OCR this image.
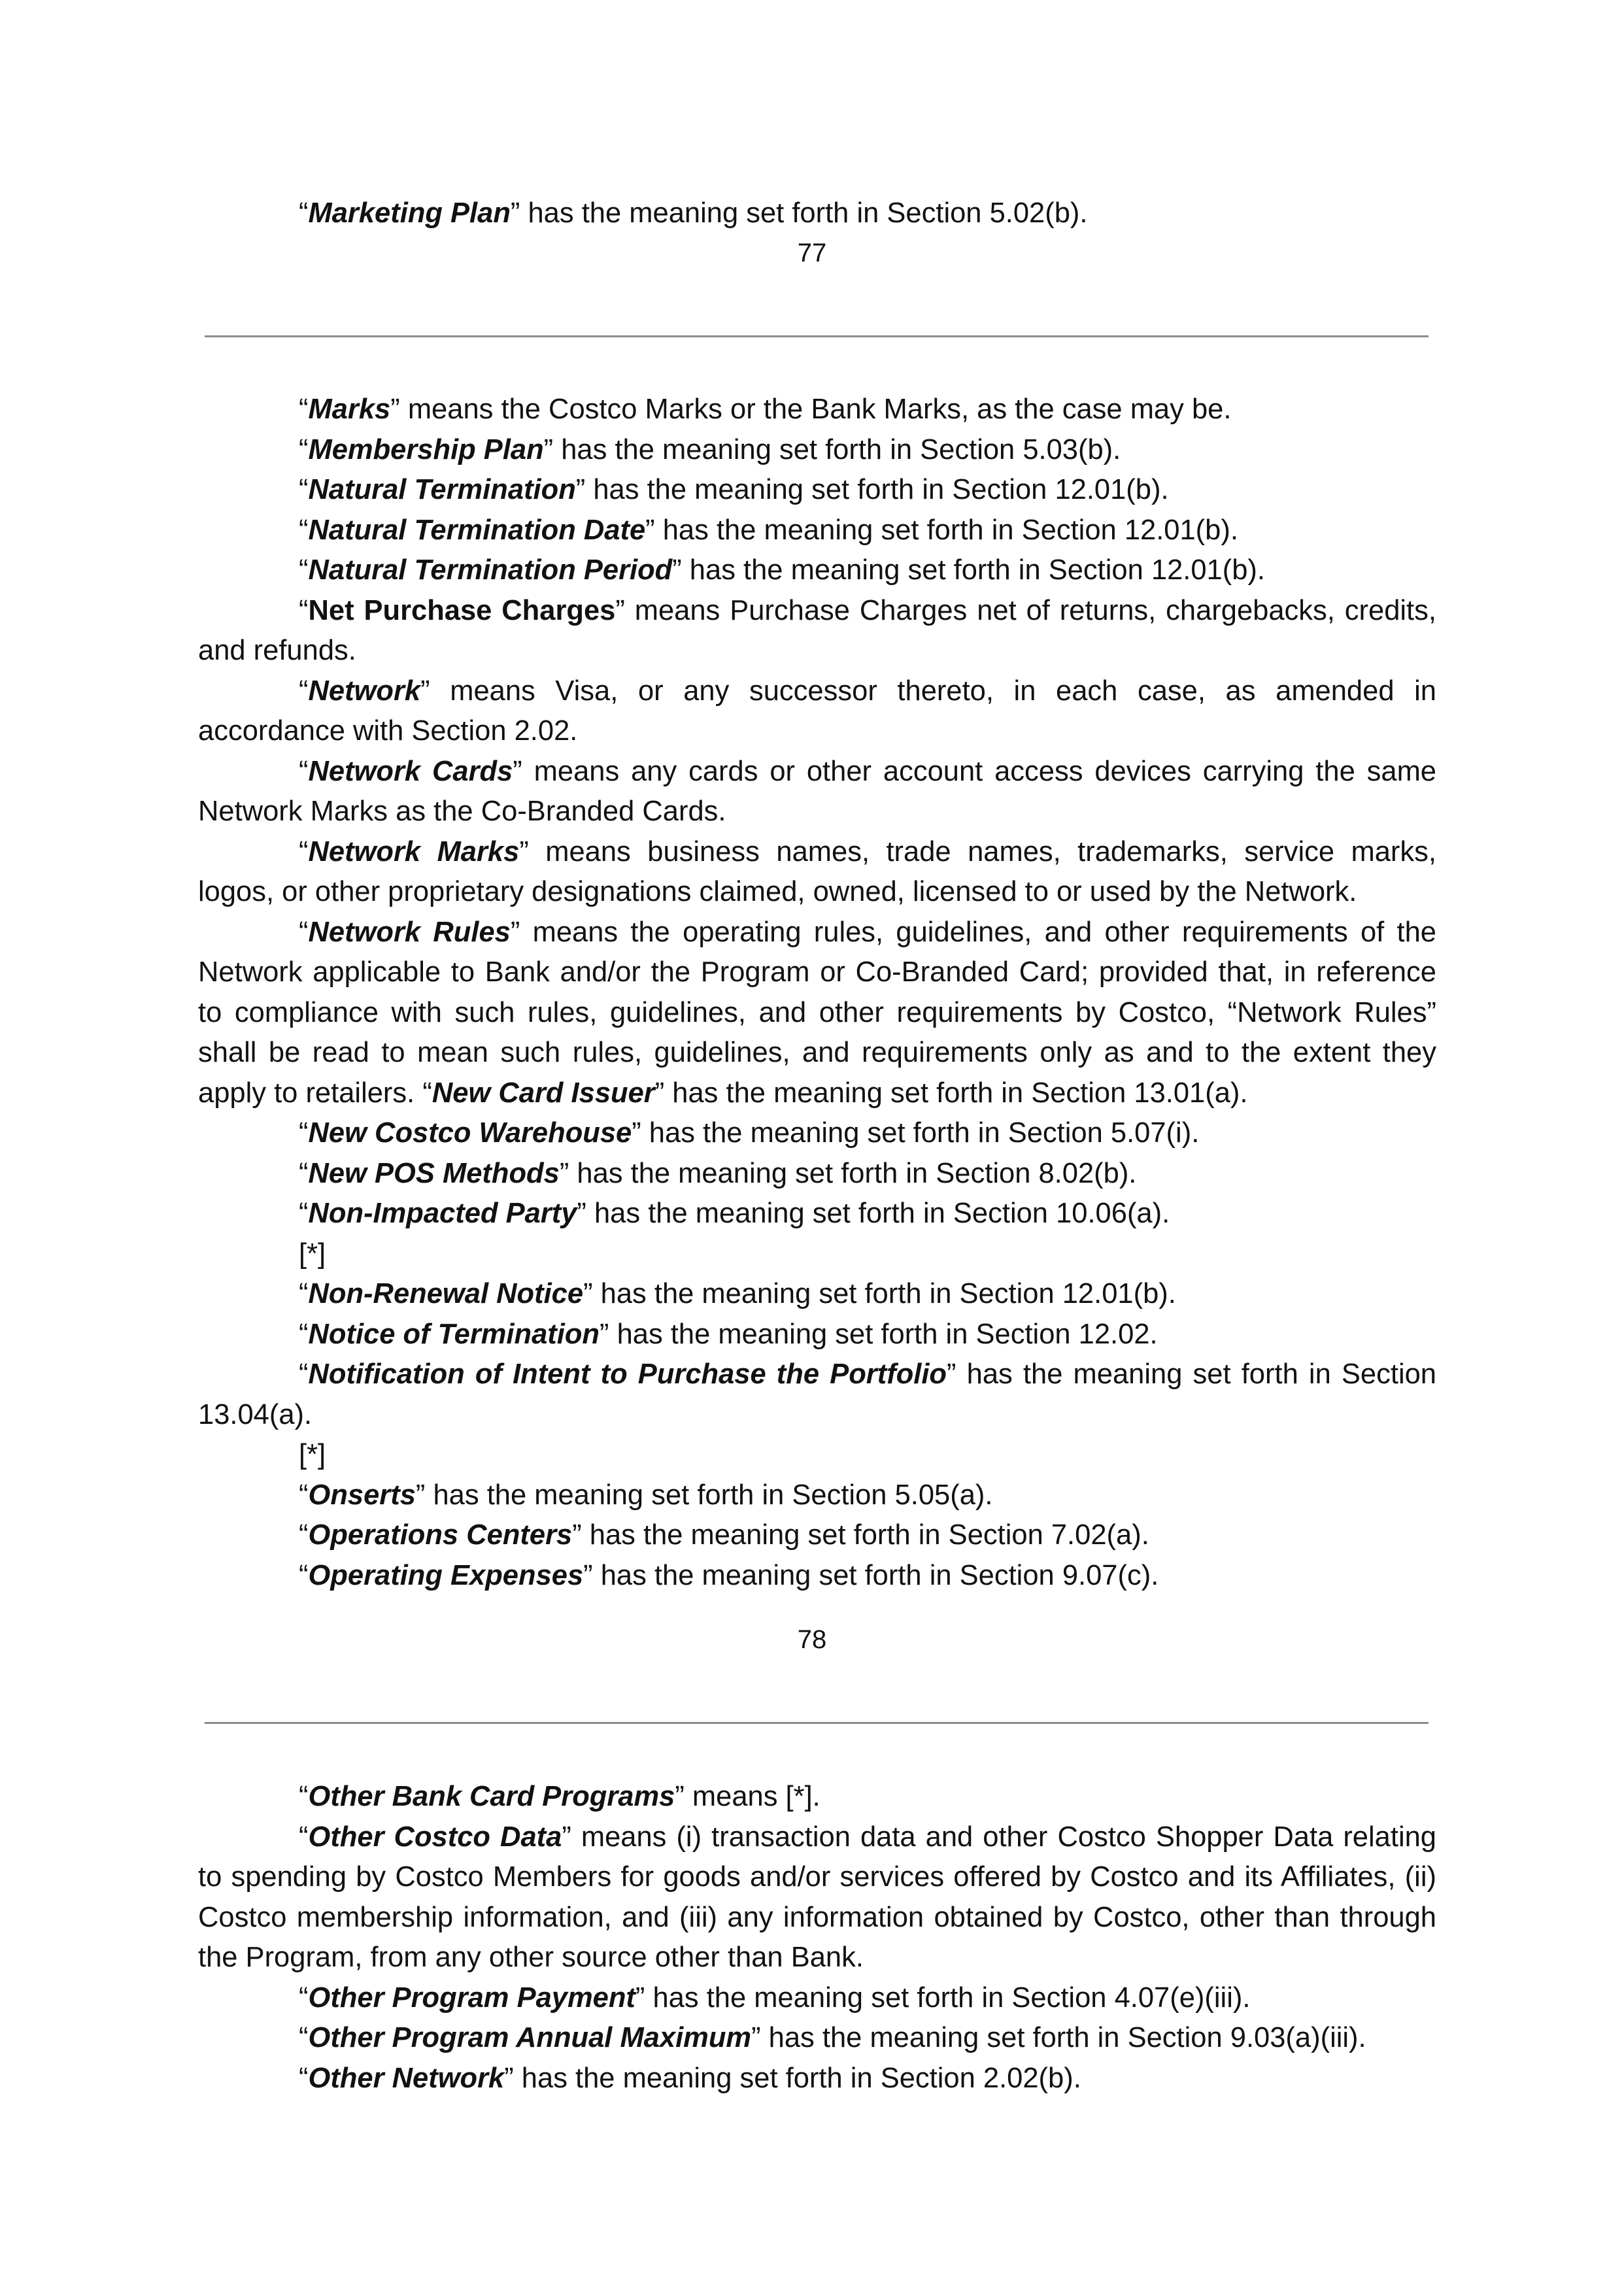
“Marketing Plan” has the meaning set forth in Section 5.02(b).

77

“Marks” means the Costco Marks or the Bank Marks, as the case may be.

“Membership Plan” has the meaning set forth in Section 5.03(b).

“Natural Termination” has the meaning set forth in Section 12.01(b).

“Natural Termination Date” has the meaning set forth in Section 12.01(b).

“Natural Termination Period” has the meaning set forth in Section 12.01(b).

“Net Purchase Charges” means Purchase Charges net of returns, chargebacks, credits, and refunds.

“Network” means Visa, or any successor thereto, in each case, as amended in accordance with Section 2.02.

“Network Cards” means any cards or other account access devices carrying the same Network Marks as the Co-Branded Cards.

“Network Marks” means business names, trade names, trademarks, service marks, logos, or other proprietary designations claimed, owned, licensed to or used by the Network.

“Network Rules” means the operating rules, guidelines, and other requirements of the Network applicable to Bank and/or the Program or Co-Branded Card; provided that, in reference to compliance with such rules, guidelines, and other requirements by Costco, “Network Rules” shall be read to mean such rules, guidelines, and requirements only as and to the extent they apply to retailers. “New Card Issuer” has the meaning set forth in Section 13.01(a).

“New Costco Warehouse” has the meaning set forth in Section 5.07(i).

“New POS Methods” has the meaning set forth in Section 8.02(b).

“Non-Impacted Party” has the meaning set forth in Section 10.06(a).

[*]

“Non-Renewal Notice” has the meaning set forth in Section 12.01(b).

“Notice of Termination” has the meaning set forth in Section 12.02.

“Notification of Intent to Purchase the Portfolio” has the meaning set forth in Section 13.04(a).

[*]

“Onserts” has the meaning set forth in Section 5.05(a).

“Operations Centers” has the meaning set forth in Section 7.02(a).

“Operating Expenses” has the meaning set forth in Section 9.07(c).

78

“Other Bank Card Programs” means [*].

“Other Costco Data” means (i) transaction data and other Costco Shopper Data relating to spending by Costco Members for goods and/or services offered by Costco and its Affiliates, (ii) Costco membership information, and (iii) any information obtained by Costco, other than through the Program, from any other source other than Bank.

“Other Program Payment” has the meaning set forth in Section 4.07(e)(iii).

“Other Program Annual Maximum” has the meaning set forth in Section 9.03(a)(iii).

“Other Network” has the meaning set forth in Section 2.02(b).
